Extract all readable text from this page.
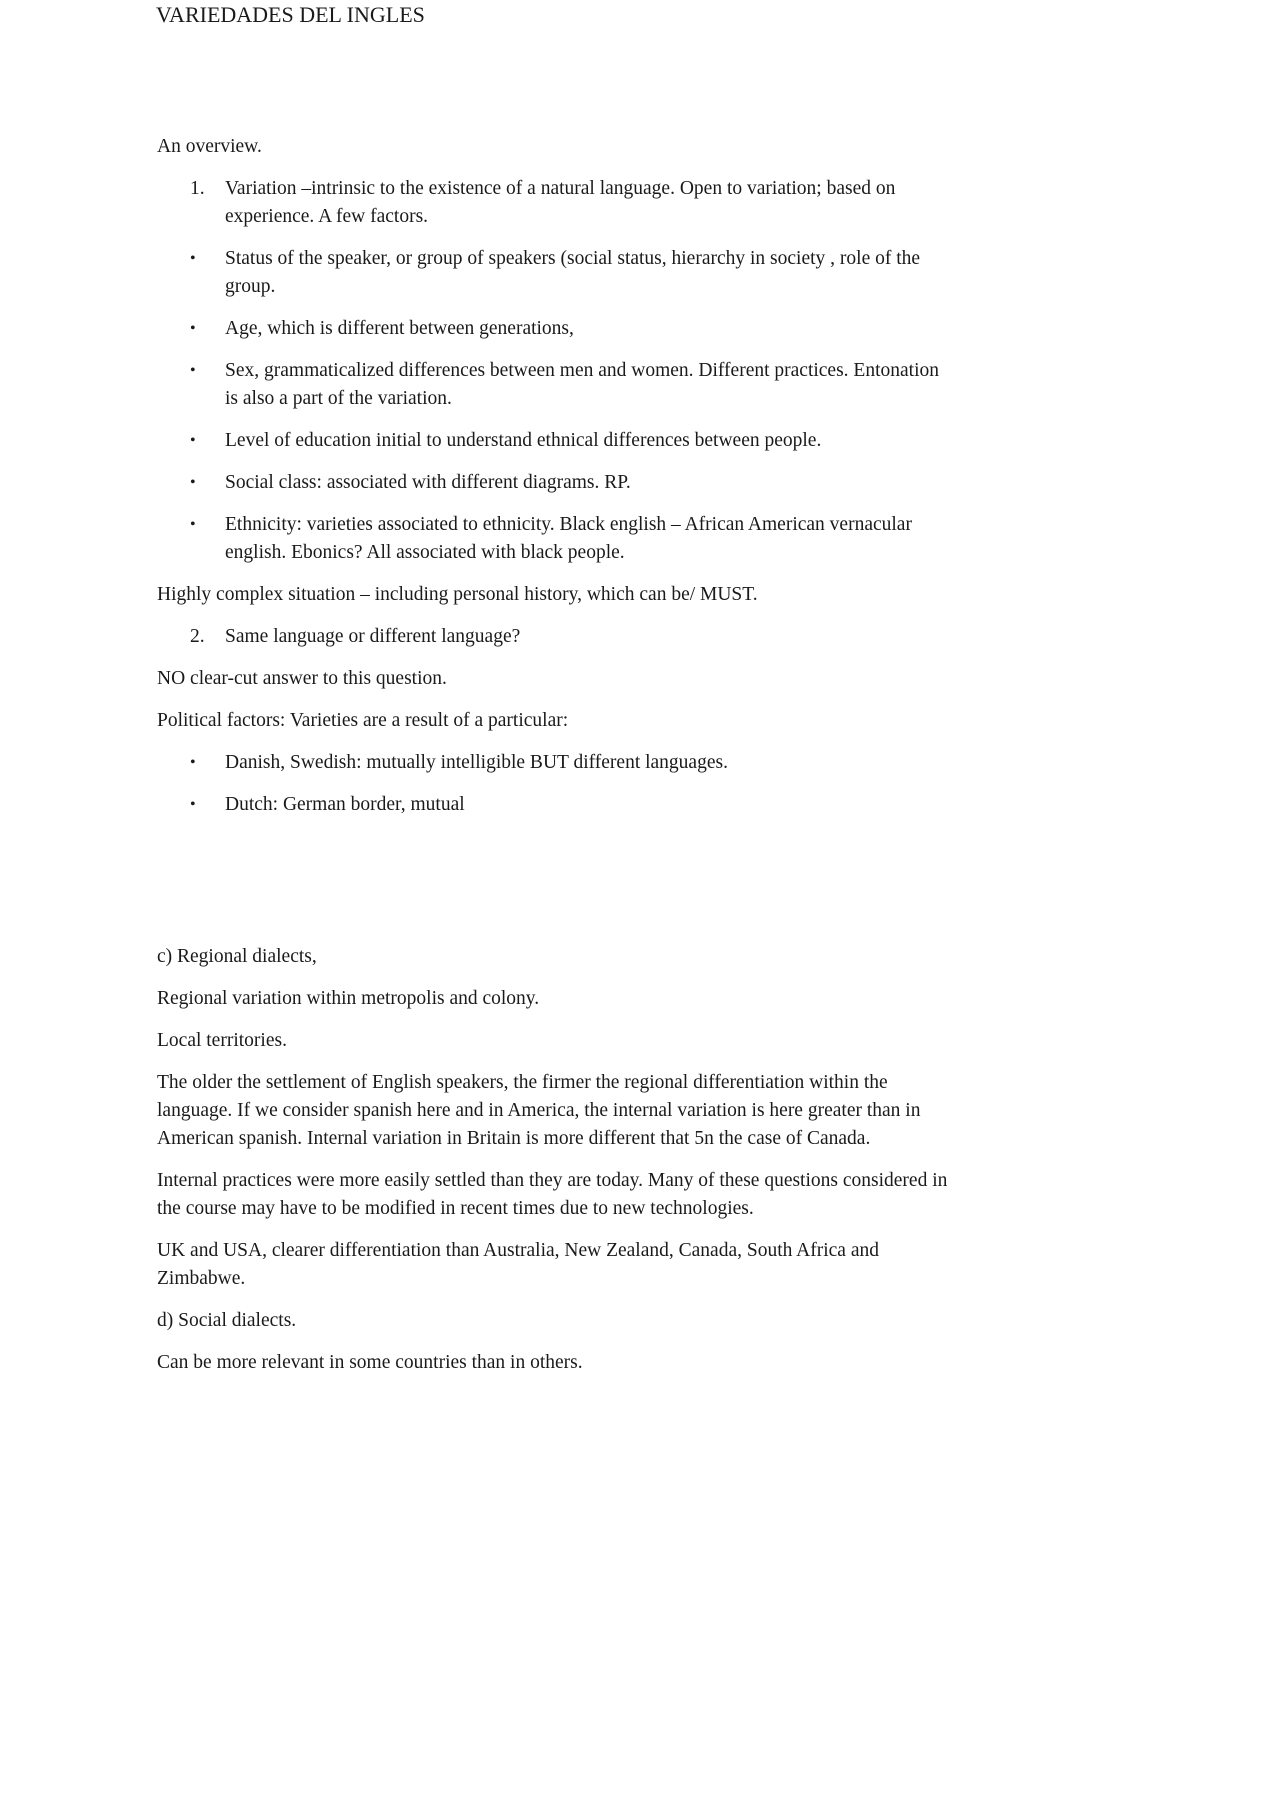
VARIEDADES DEL INGLES

An overview.

1.	Variation –intrinsic to the existence of a natural language. Open to variation; based on experience. A few factors.
•	Status of the speaker, or group of speakers (social status, hierarchy in society , role of the group.
•	Age, which is different between generations,
•	Sex, grammaticalized differences between men and women. Different practices. Entonation is also a part of the variation.
•	Level of education initial to understand ethnical differences between people.
•	Social class: associated with different diagrams. RP.
•	Ethnicity: varieties associated to ethnicity. Black english – African American vernacular english. Ebonics? All associated with black people.

Highly complex situation – including personal history, which can be/ MUST.

2.	Same language or different language?

NO clear-cut answer to this question.

Political factors: Varieties are a result of a particular:

•	Danish, Swedish: mutually intelligible BUT different languages.
•	Dutch: German border, mutual

c) Regional dialects,

Regional variation within metropolis and colony.

Local territories.

The older the settlement of English speakers, the firmer the regional differentiation within the language. If we consider spanish here and in America, the internal variation is here greater than in American spanish. Internal variation in Britain is more different that 5n the case of Canada.

Internal practices were more easily settled than they are today. Many of these questions considered in the course may have to be modified in recent times due to new technologies.

UK and USA, clearer differentiation than Australia, New Zealand, Canada, South Africa and Zimbabwe.

d) Social dialects.

Can be more relevant in some countries than in others.
